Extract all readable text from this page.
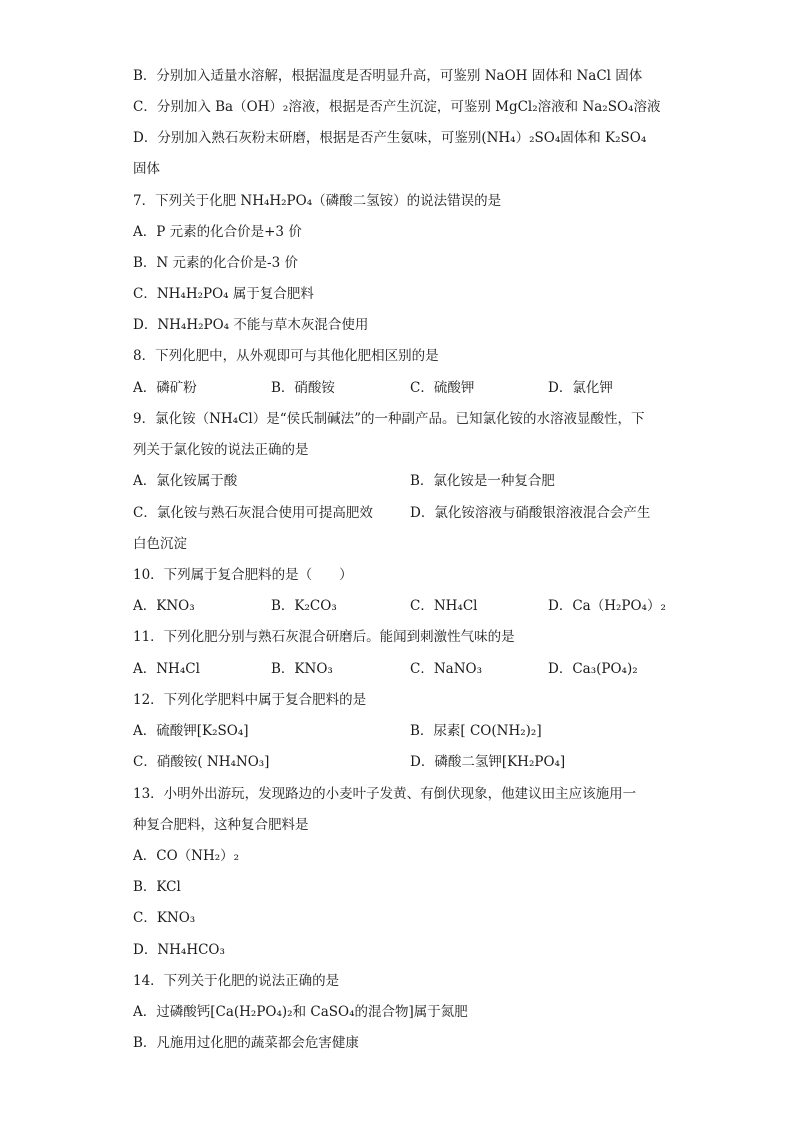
B．分别加入适量水溶解，根据温度是否明显升高，可鉴别 NaOH 固体和 NaCl 固体
C．分别加入 Ba（OH）₂溶液，根据是否产生沉淀，可鉴别 MgCl₂溶液和 Na₂SO₄溶液
D．分别加入熟石灰粉末研磨，根据是否产生氨味，可鉴别(NH₄）₂SO₄固体和 K₂SO₄
固体
7．下列关于化肥 NH₄H₂PO₄（磷酸二氢铵）的说法错误的是
A．P 元素的化合价是+3 价
B．N 元素的化合价是-3 价
C．NH₄H₂PO₄ 属于复合肥料
D．NH₄H₂PO₄ 不能与草木灰混合使用
8．下列化肥中，从外观即可与其他化肥相区别的是
A．磷矿粉	B．硝酸铵	C．硫酸钾	D．氯化钾
9．氯化铵（NH₄Cl）是“侯氏制碱法”的一种副产品。已知氯化铵的水溶液显酸性，下
列关于氯化铵的说法正确的是
A．氯化铵属于酸	B．氯化铵是一种复合肥
C．氯化铵与熟石灰混合使用可提高肥效	D．氯化铵溶液与硝酸银溶液混合会产生
白色沉淀
10．下列属于复合肥料的是（　　）
A．KNO₃	B．K₂CO₃	C．NH₄Cl	D．Ca（H₂PO₄）₂
11．下列化肥分别与熟石灰混合研磨后。能闻到刺激性气味的是
A．NH₄Cl	B．KNO₃	C．NaNO₃	D．Ca₃(PO₄)₂
12．下列化学肥料中属于复合肥料的是
A．硫酸钾[K₂SO₄]	B．尿素[ CO(NH₂)₂]
C．硝酸铵( NH₄NO₃]	D．磷酸二氢钾[KH₂PO₄]
13．小明外出游玩，发现路边的小麦叶子发黄、有倒伏现象，他建议田主应该施用一
种复合肥料，这种复合肥料是
A．CO（NH₂）₂
B．KCl
C．KNO₃
D．NH₄HCO₃
14．下列关于化肥的说法正确的是
A．过磷酸钙[Ca(H₂PO₄)₂和 CaSO₄的混合物]属于氮肥
B．凡施用过化肥的蔬菜都会危害健康
